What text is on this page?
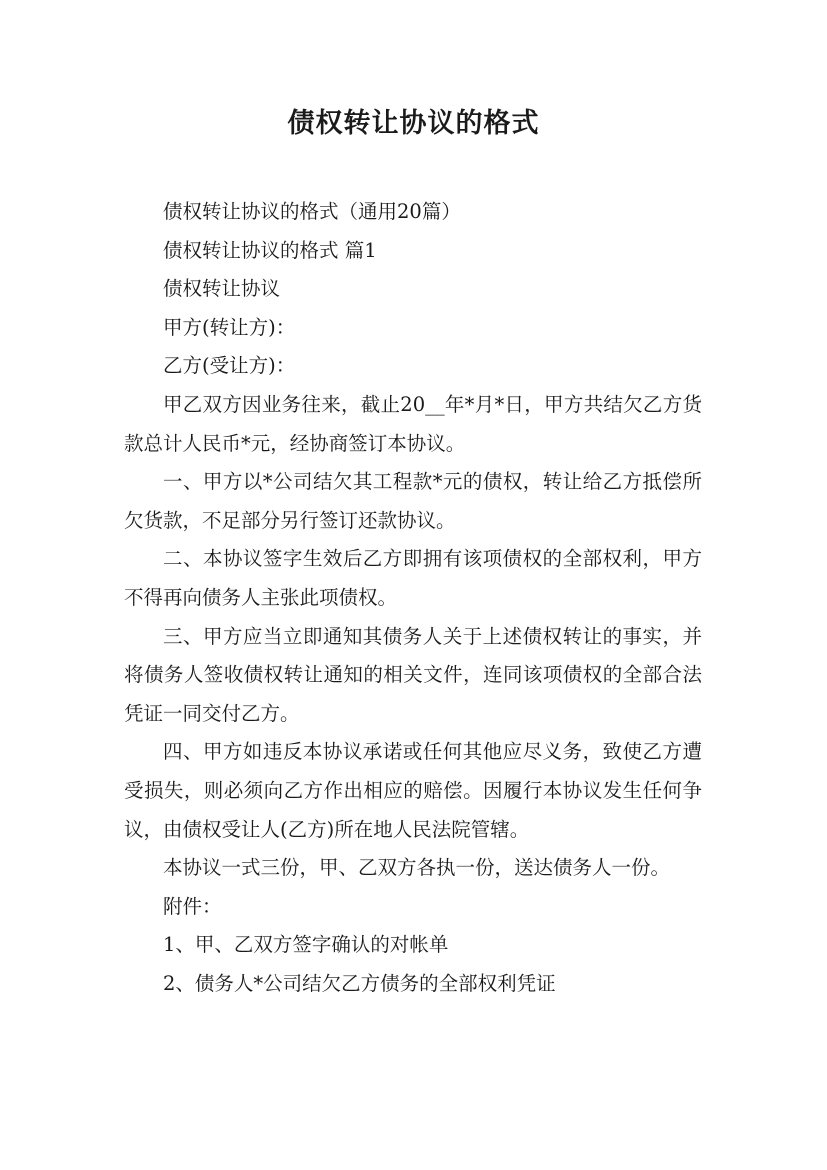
债权转让协议的格式

债权转让协议的格式（通用20篇）

债权转让协议的格式 篇1

债权转让协议

甲方(转让方)：

乙方(受让方)：

甲乙双方因业务往来，截止20__年*月*日，甲方共结欠乙方货款总计人民币*元，经协商签订本协议。

一、甲方以*公司结欠其工程款*元的债权，转让给乙方抵偿所欠货款，不足部分另行签订还款协议。

二、本协议签字生效后乙方即拥有该项债权的全部权利，甲方不得再向债务人主张此项债权。

三、甲方应当立即通知其债务人关于上述债权转让的事实，并将债务人签收债权转让通知的相关文件，连同该项债权的全部合法凭证一同交付乙方。

四、甲方如违反本协议承诺或任何其他应尽义务，致使乙方遭受损失，则必须向乙方作出相应的赔偿。因履行本协议发生任何争议，由债权受让人(乙方)所在地人民法院管辖。

本协议一式三份，甲、乙双方各执一份，送达债务人一份。

附件：

1、甲、乙双方签字确认的对帐单

2、债务人*公司结欠乙方债务的全部权利凭证
